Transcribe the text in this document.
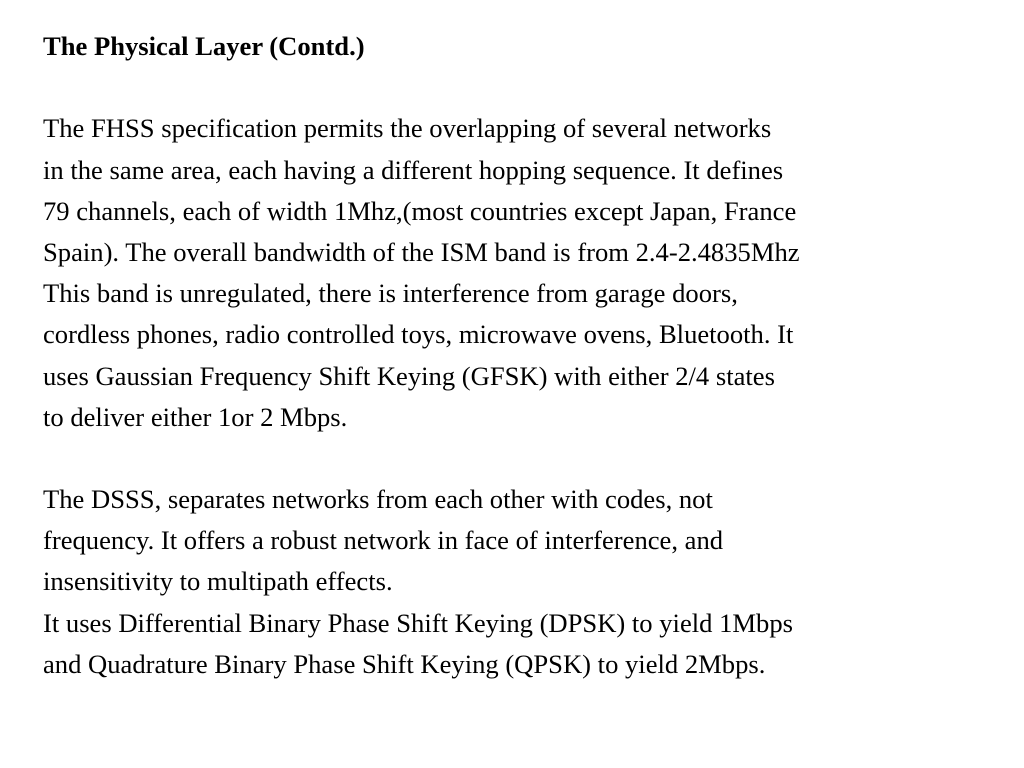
The Physical Layer (Contd.)
The FHSS specification permits the overlapping of several networks
in the same area, each having a different hopping sequence. It defines
79 channels, each of width 1Mhz,(most countries except Japan, France
Spain). The overall bandwidth of the ISM band is from 2.4-2.4835Mhz
This band is unregulated, there is interference from garage doors,
cordless phones, radio controlled toys, microwave ovens, Bluetooth. It
uses Gaussian Frequency Shift Keying (GFSK) with either 2/4 states
to deliver either 1or 2 Mbps.
The DSSS, separates networks from each other with codes, not
frequency. It offers a robust network in face of interference, and
insensitivity to multipath effects.
It uses Differential Binary Phase Shift Keying (DPSK) to yield 1Mbps
and Quadrature Binary Phase Shift Keying (QPSK) to yield 2Mbps.
